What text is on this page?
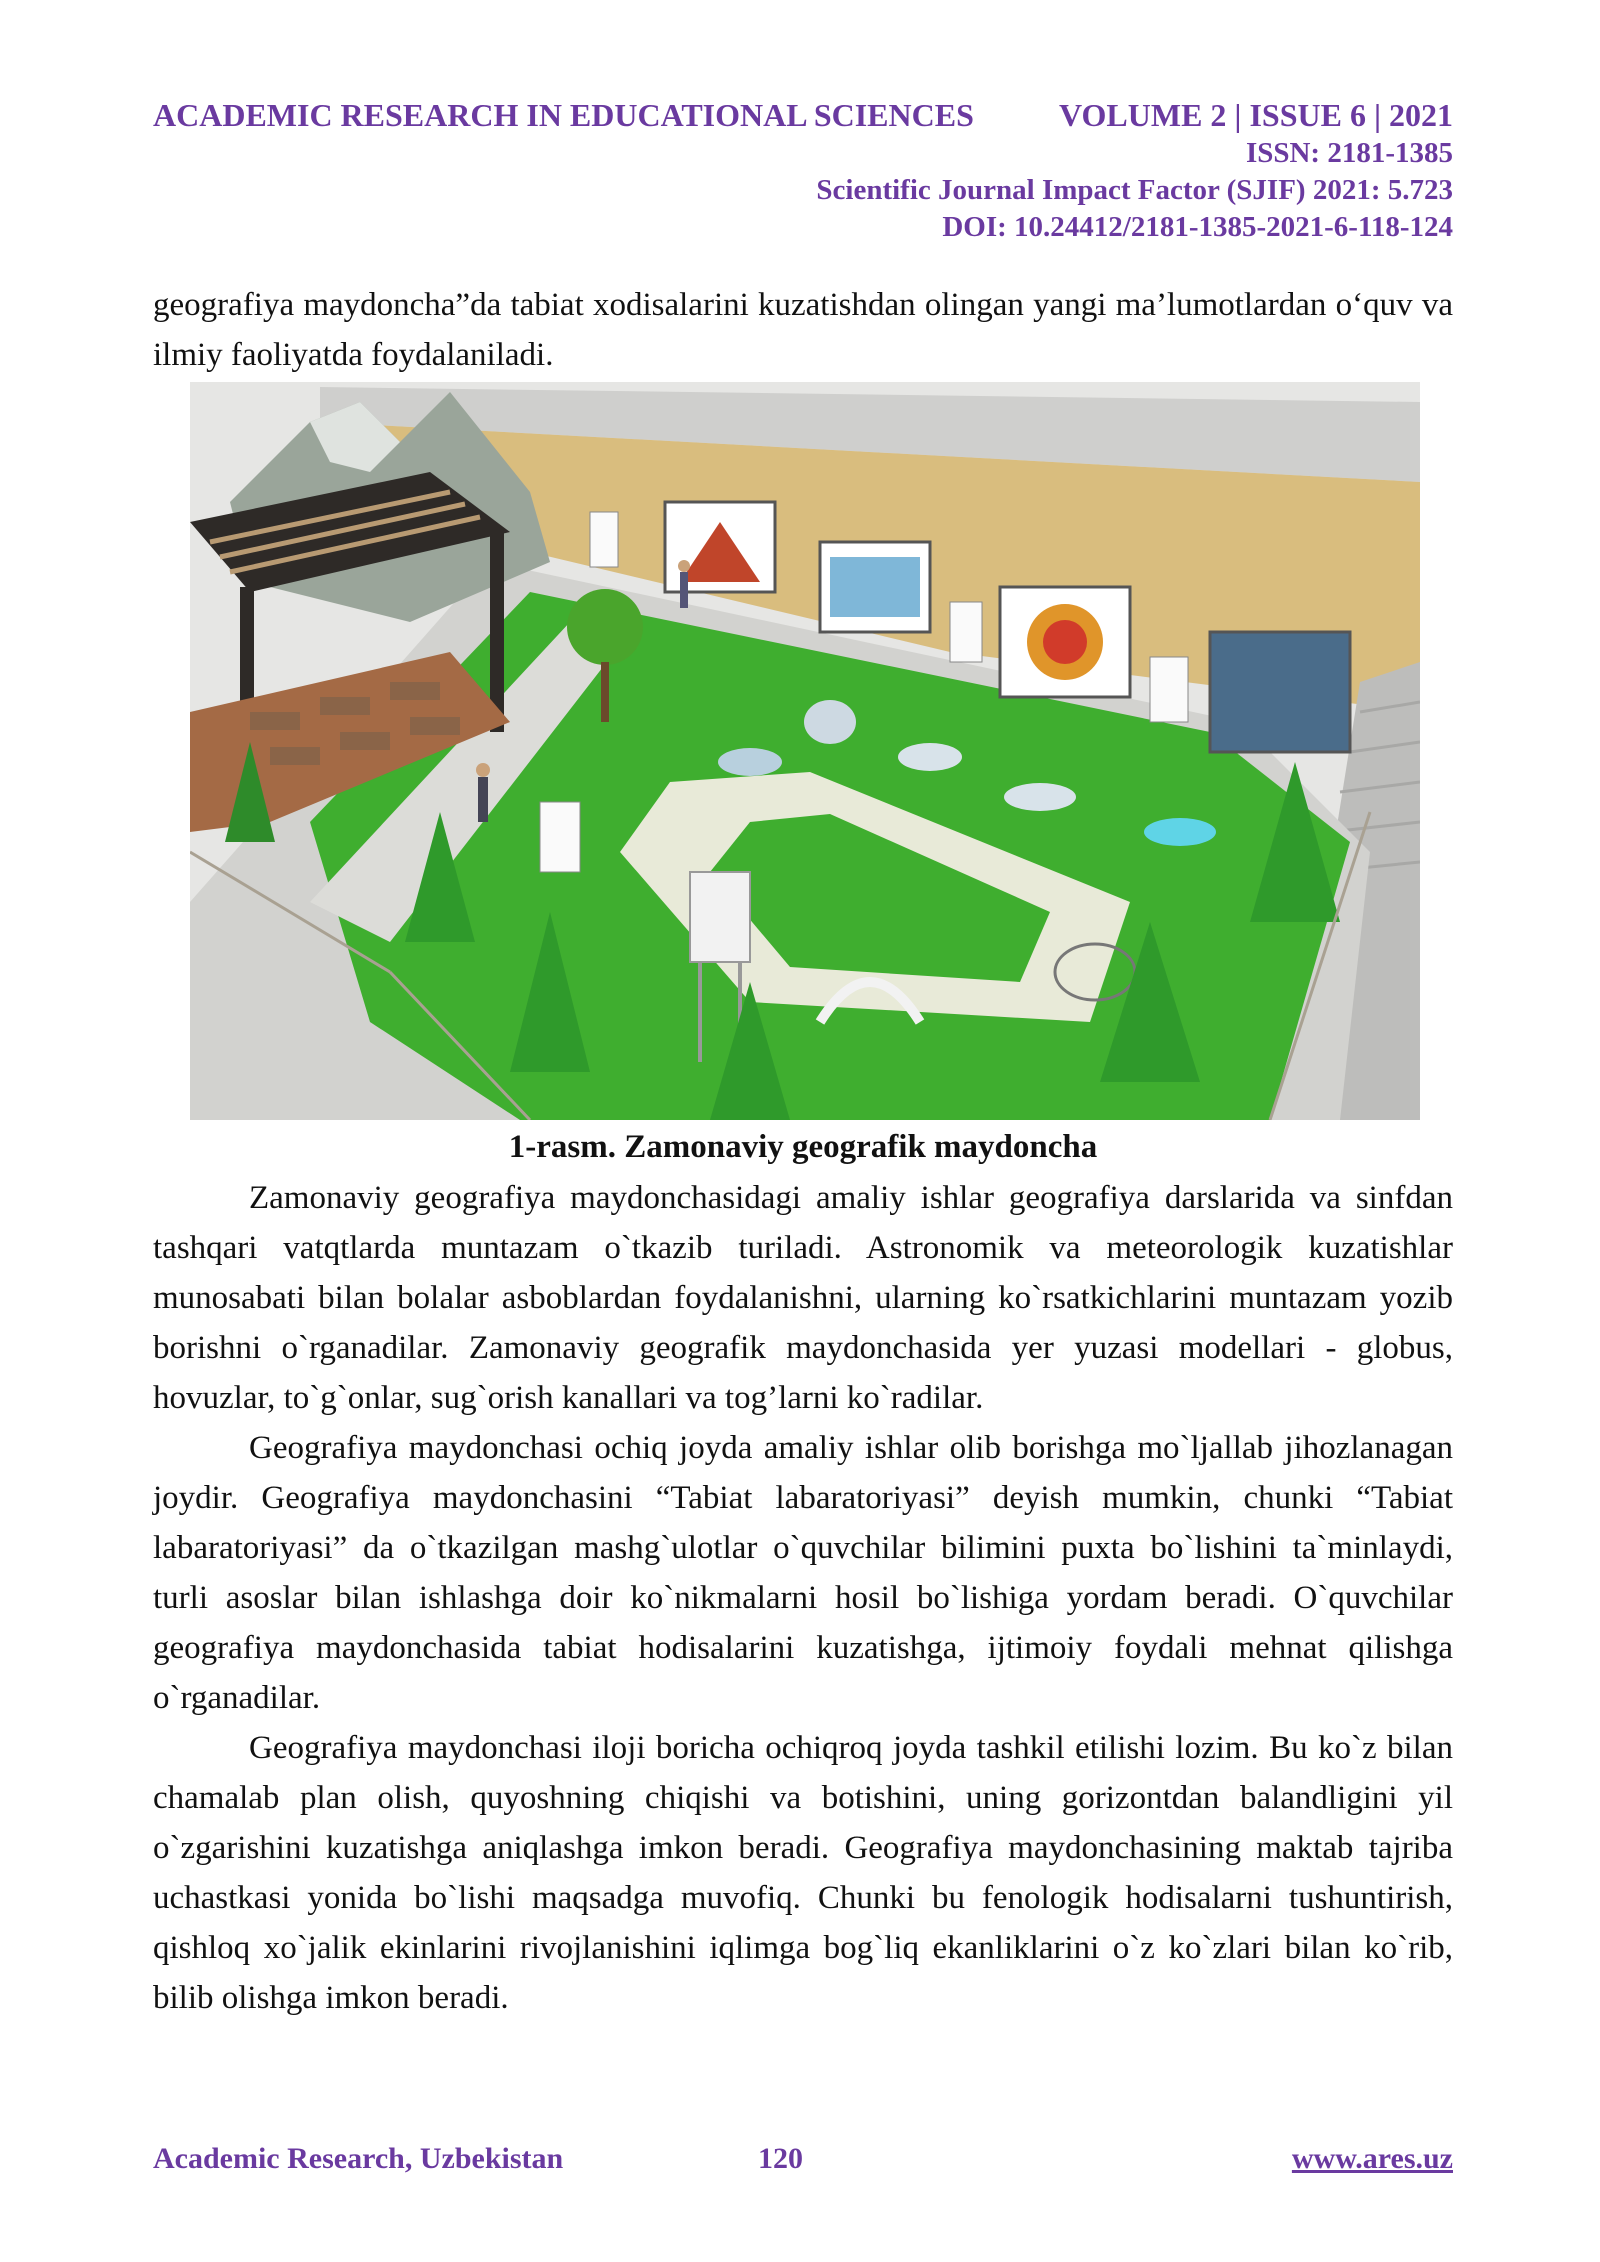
ACADEMIC RESEARCH IN EDUCATIONAL SCIENCES	VOLUME 2 | ISSUE 6 | 2021
ISSN: 2181-1385
Scientific Journal Impact Factor (SJIF) 2021: 5.723
DOI: 10.24412/2181-1385-2021-6-118-124

geografiya maydoncha”da tabiat xodisalarini kuzatishdan olingan yangi ma’lumotlardan o‘quv va ilmiy faoliyatda foydalaniladi.

1-rasm. Zamonaviy geografik maydoncha

Zamonaviy geografiya maydonchasidagi amaliy ishlar geografiya darslarida va sinfdan tashqari vatqtlarda muntazam o`tkazib turiladi. Astronomik va meteorologik kuzatishlar munosabati bilan bolalar asboblardan foydalanishni, ularning ko`rsatkichlarini muntazam yozib borishni o`rganadilar. Zamonaviy geografik maydonchasida yer yuzasi modellari - globus, hovuzlar, to`g`onlar, sug`orish kanallari va tog’larni ko`radilar.

Geografiya maydonchasi ochiq joyda amaliy ishlar olib borishga mo`ljallab jihozlanagan joydir. Geografiya maydonchasini “Tabiat labaratoriyasi” deyish mumkin, chunki “Tabiat labaratoriyasi” da o`tkazilgan mashg`ulotlar o`quvchilar bilimini puxta bo`lishini ta`minlaydi, turli asoslar bilan ishlashga doir ko`nikmalarni hosil bo`lishiga yordam beradi. O`quvchilar geografiya maydonchasida tabiat hodisalarini kuzatishga, ijtimoiy foydali mehnat qilishga o`rganadilar.

Geografiya maydonchasi iloji boricha ochiqroq joyda tashkil etilishi lozim. Bu ko`z bilan chamalab plan olish, quyoshning chiqishi va botishini, uning gorizontdan balandligini yil o`zgarishini kuzatishga aniqlashga imkon beradi. Geografiya maydonchasining maktab tajriba uchastkasi yonida bo`lishi maqsadga muvofiq. Chunki bu fenologik hodisalarni tushuntirish, qishloq xo`jalik ekinlarini rivojlanishini iqlimga bog`liq ekanliklarini o`z ko`zlari bilan ko`rib, bilib olishga imkon beradi.

Academic Research, Uzbekistan	120	www.ares.uz
